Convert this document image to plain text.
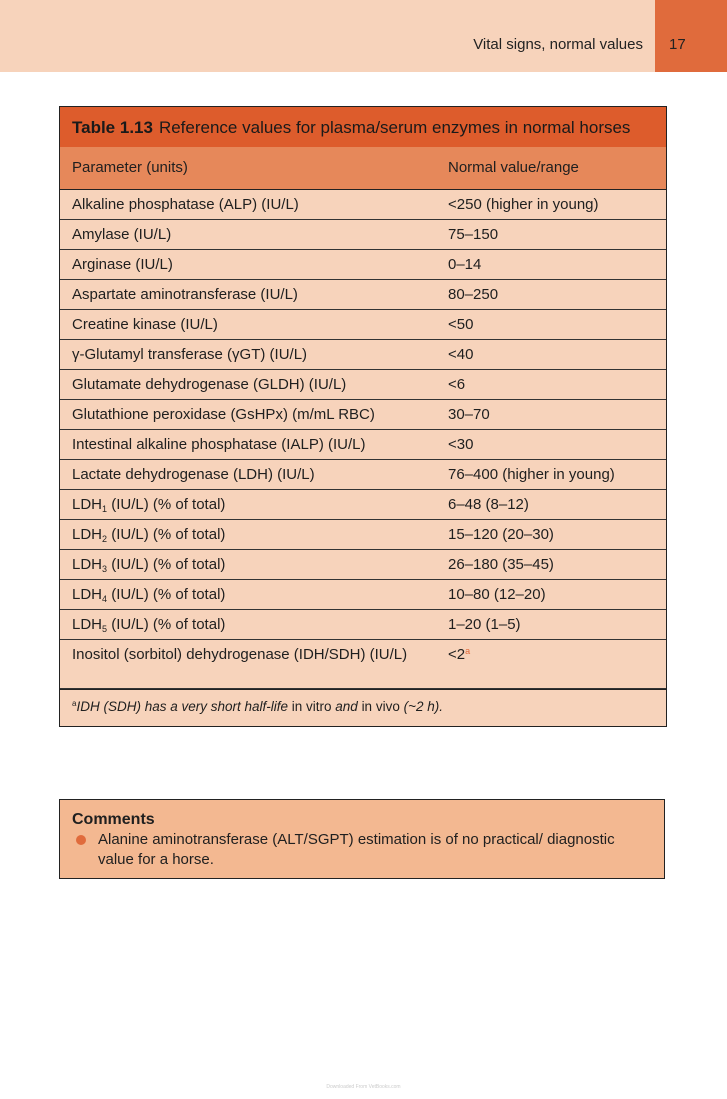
Vital signs, normal values 17
Table 1.13 Reference values for plasma/serum enzymes in normal horses
Parameter (units)	Normal value/range
Alkaline phosphatase (ALP) (IU/L)	<250 (higher in young)
Amylase (IU/L)	75–150
Arginase (IU/L)	0–14
Aspartate aminotransferase (IU/L)	80–250
Creatine kinase (IU/L)	<50
γ-Glutamyl transferase (γGT) (IU/L)	<40
Glutamate dehydrogenase (GLDH) (IU/L)	<6
Glutathione peroxidase (GsHPx) (m/mL RBC)	30–70
Intestinal alkaline phosphatase (IALP) (IU/L)	<30
Lactate dehydrogenase (LDH) (IU/L)	76–400 (higher in young)
$LDH_1$ (IU/L) (% of total)	6–48 (8–12)
$LDH_2$ (IU/L) (% of total)	15–120 (20–30)
$LDH_3$ (IU/L) (% of total)	26–180 (35–45)
$LDH_4$ (IU/L) (% of total)	10–80 (12–20)
$LDH_5$ (IU/L) (% of total)	1–20 (1–5)
Inositol (sorbitol) dehydrogenase (IDH/SDH) (IU/L)	<2$^a$
$^a$IDH (SDH) has a very short half-life in vitro and in vivo (~2 h).
Comments
Alanine aminotransferase (ALT/SGPT) estimation is of no practical/ diagnostic value for a horse.
Downloaded From VetBooks.com
